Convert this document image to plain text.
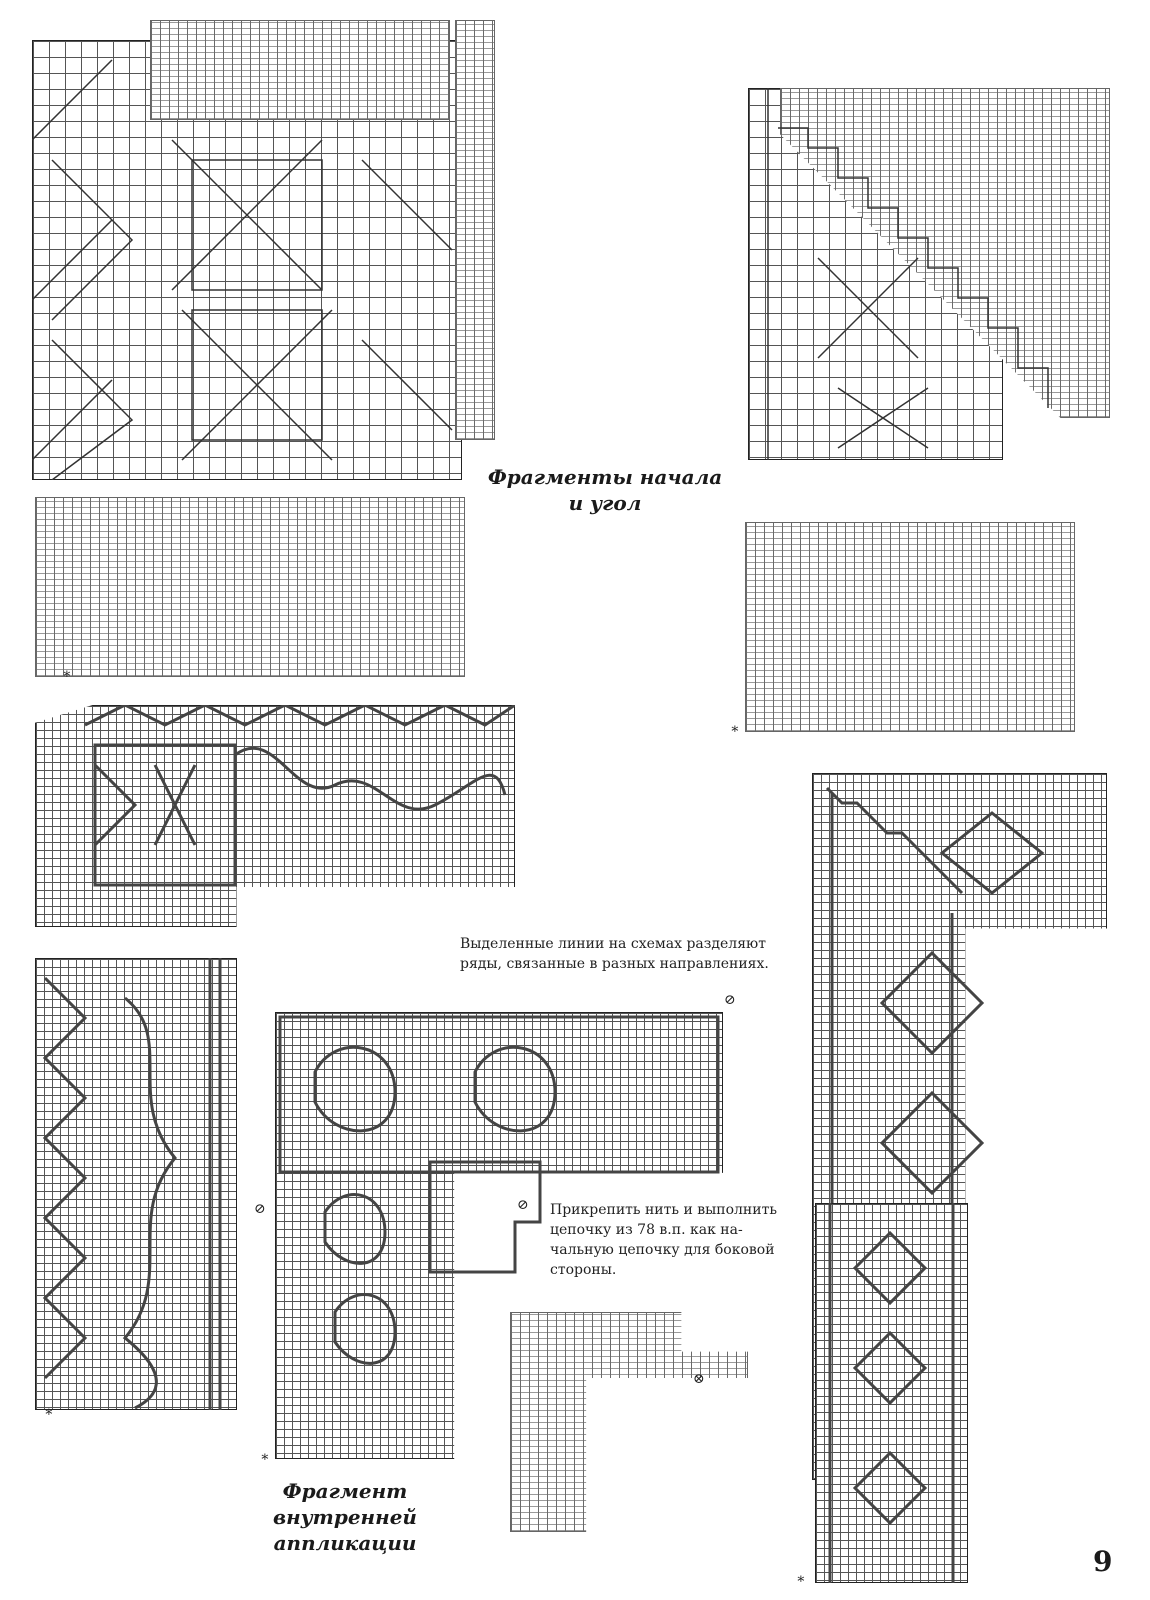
Фрагменты начала
и угол
∗
∗
Выделенные линии на схемах разделяют
ряды, связанные в разных направлениях.
∗
⊘
⊘	⊘
∗
Прикрепить нить и выполнить
цепочку из 78 в.п. как на-
чальную цепочку для боковой
стороны.
⊗
∗
Фрагмент
внутренней аппликации
9
